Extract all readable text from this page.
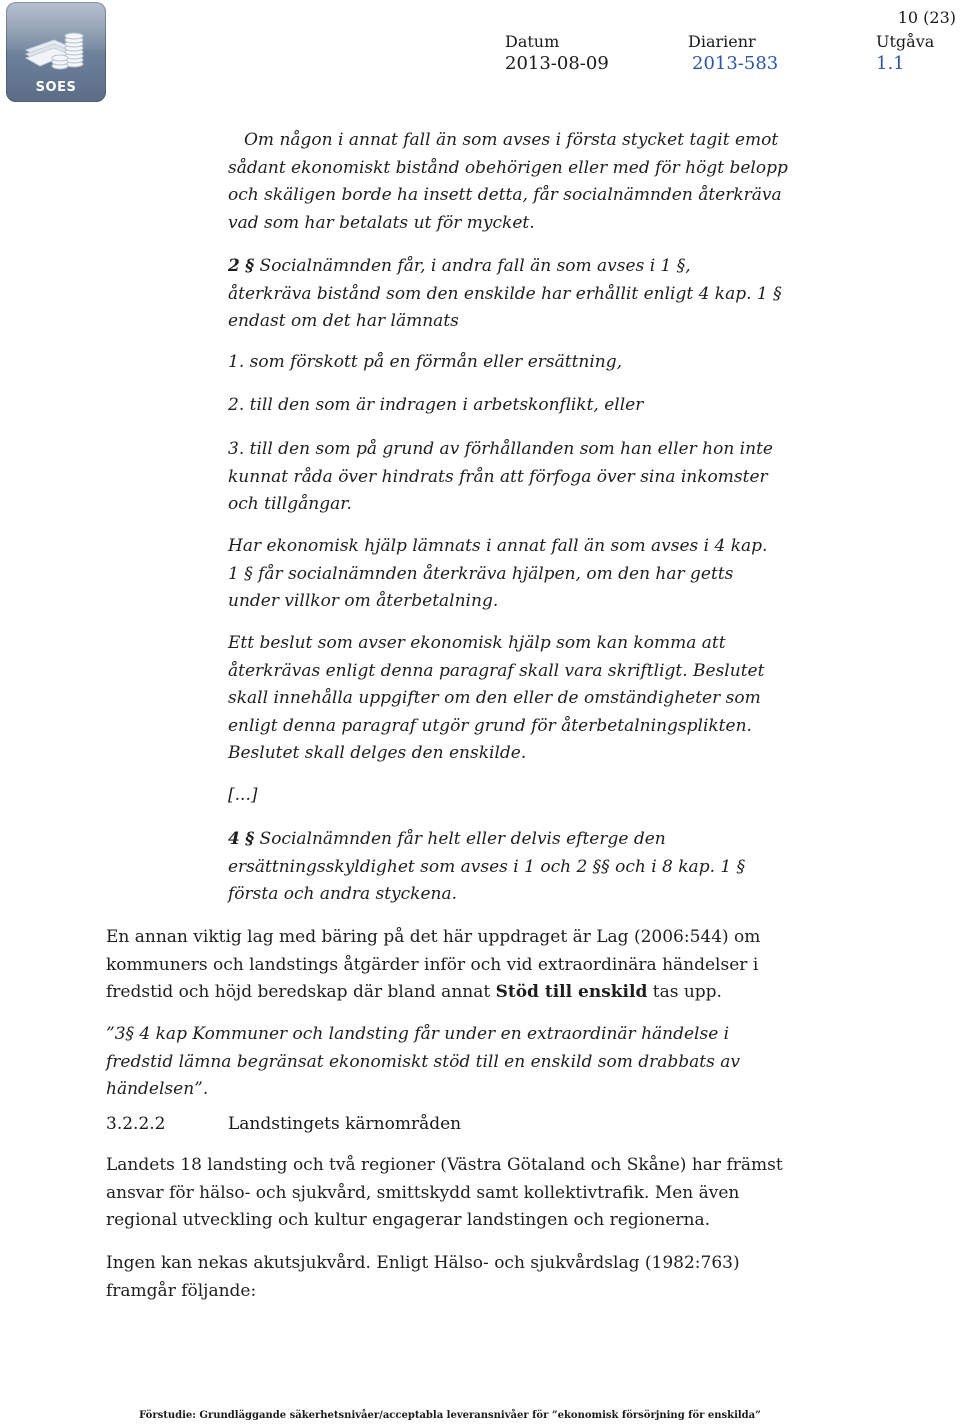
SOES
10 (23)
Datum
2013-08-09
Diarienr
2013-583
Utgåva
1.1

Om någon i annat fall än som avses i första stycket tagit emot

sådant ekonomiskt bistånd obehörigen eller med för högt belopp

och skäligen borde ha insett detta, får socialnämnden återkräva

vad som har betalats ut för mycket.

2 § Socialnämnden får, i andra fall än som avses i 1 §,

återkräva bistånd som den enskilde har erhållit enligt 4 kap. 1 §

endast om det har lämnats

1. som förskott på en förmån eller ersättning,

2. till den som är indragen i arbetskonflikt, eller

3. till den som på grund av förhållanden som han eller hon inte

kunnat råda över hindrats från att förfoga över sina inkomster

och tillgångar.

Har ekonomisk hjälp lämnats i annat fall än som avses i 4 kap.

1 § får socialnämnden återkräva hjälpen, om den har getts

under villkor om återbetalning.

Ett beslut som avser ekonomisk hjälp som kan komma att

återkrävas enligt denna paragraf skall vara skriftligt. Beslutet

skall innehålla uppgifter om den eller de omständigheter som

enligt denna paragraf utgör grund för återbetalningsplikten.

Beslutet skall delges den enskilde.

[...]

4 § Socialnämnden får helt eller delvis efterge den

ersättningsskyldighet som avses i 1 och 2 §§ och i 8 kap. 1 §

första och andra styckena.

En annan viktig lag med bäring på det här uppdraget är Lag (2006:544) om

kommuners och landstings åtgärder inför och vid extraordinära händelser i

fredstid och höjd beredskap där bland annat Stöd till enskild tas upp.

”3§ 4 kap Kommuner och landsting får under en extraordinär händelse i

fredstid lämna begränsat ekonomiskt stöd till en enskild som drabbats av

händelsen”.

3.2.2.2	Landstingets kärnområden

Landets 18 landsting och två regioner (Västra Götaland och Skåne) har främst

ansvar för hälso- och sjukvård, smittskydd samt kollektivtrafik. Men även

regional utveckling och kultur engagerar landstingen och regionerna.

Ingen kan nekas akutsjukvård. Enligt Hälso- och sjukvårdslag (1982:763)

framgår följande:

Förstudie: Grundläggande säkerhetsnivåer/acceptabla leveransnivåer för ”ekonomisk försörjning för enskilda”
